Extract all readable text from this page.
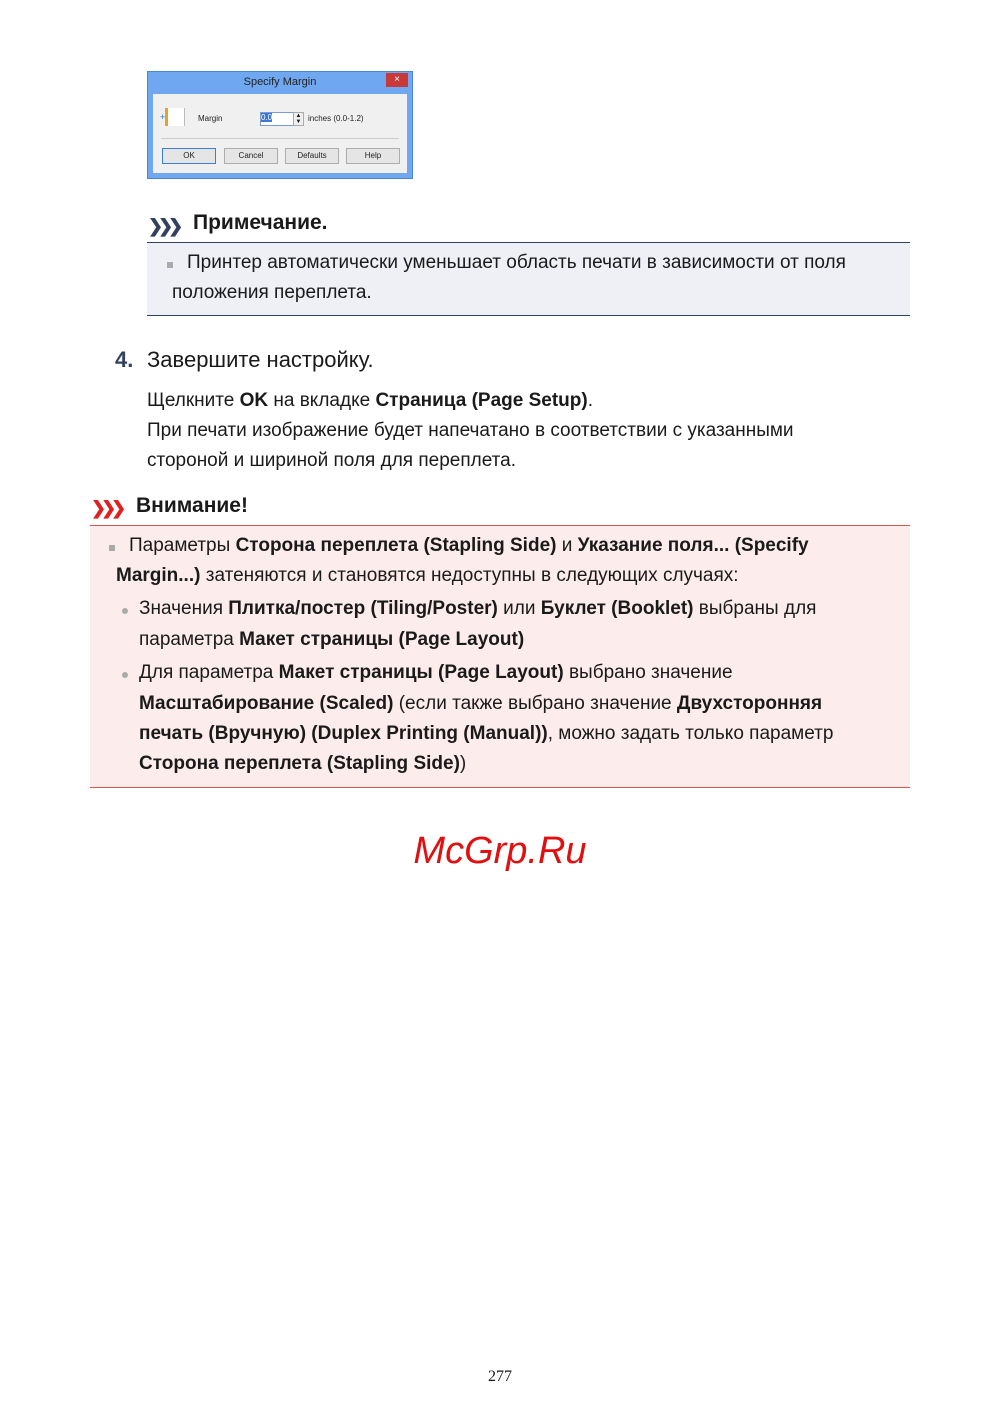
Specify Margin	×
+	Margin	0.0	▲
▼ inches (0.0-1.2)
OK	Cancel	Defaults	Help
❯❯❯ Примечание.
Принтер автоматически уменьшает область печати в зависимости от поля
положения переплета.
4. Завершите настройку.
Щелкните OK на вкладке Страница (Page Setup).
При печати изображение будет напечатано в соответствии с указанными
стороной и шириной поля для переплета.
❯❯❯ Внимание!
Параметры Сторона переплета (Stapling Side) и Указание поля... (Specify
Margin...) затеняются и становятся недоступны в следующих случаях:
Значения Плитка/постер (Tiling/Poster) или Буклет (Booklet) выбраны для
параметра Макет страницы (Page Layout)
Для параметра Макет страницы (Page Layout) выбрано значение
Масштабирование (Scaled) (если также выбрано значение Двухсторонняя
печать (Вручную) (Duplex Printing (Manual)), можно задать только параметр
Сторона переплета (Stapling Side))
McGrp.Ru
277
